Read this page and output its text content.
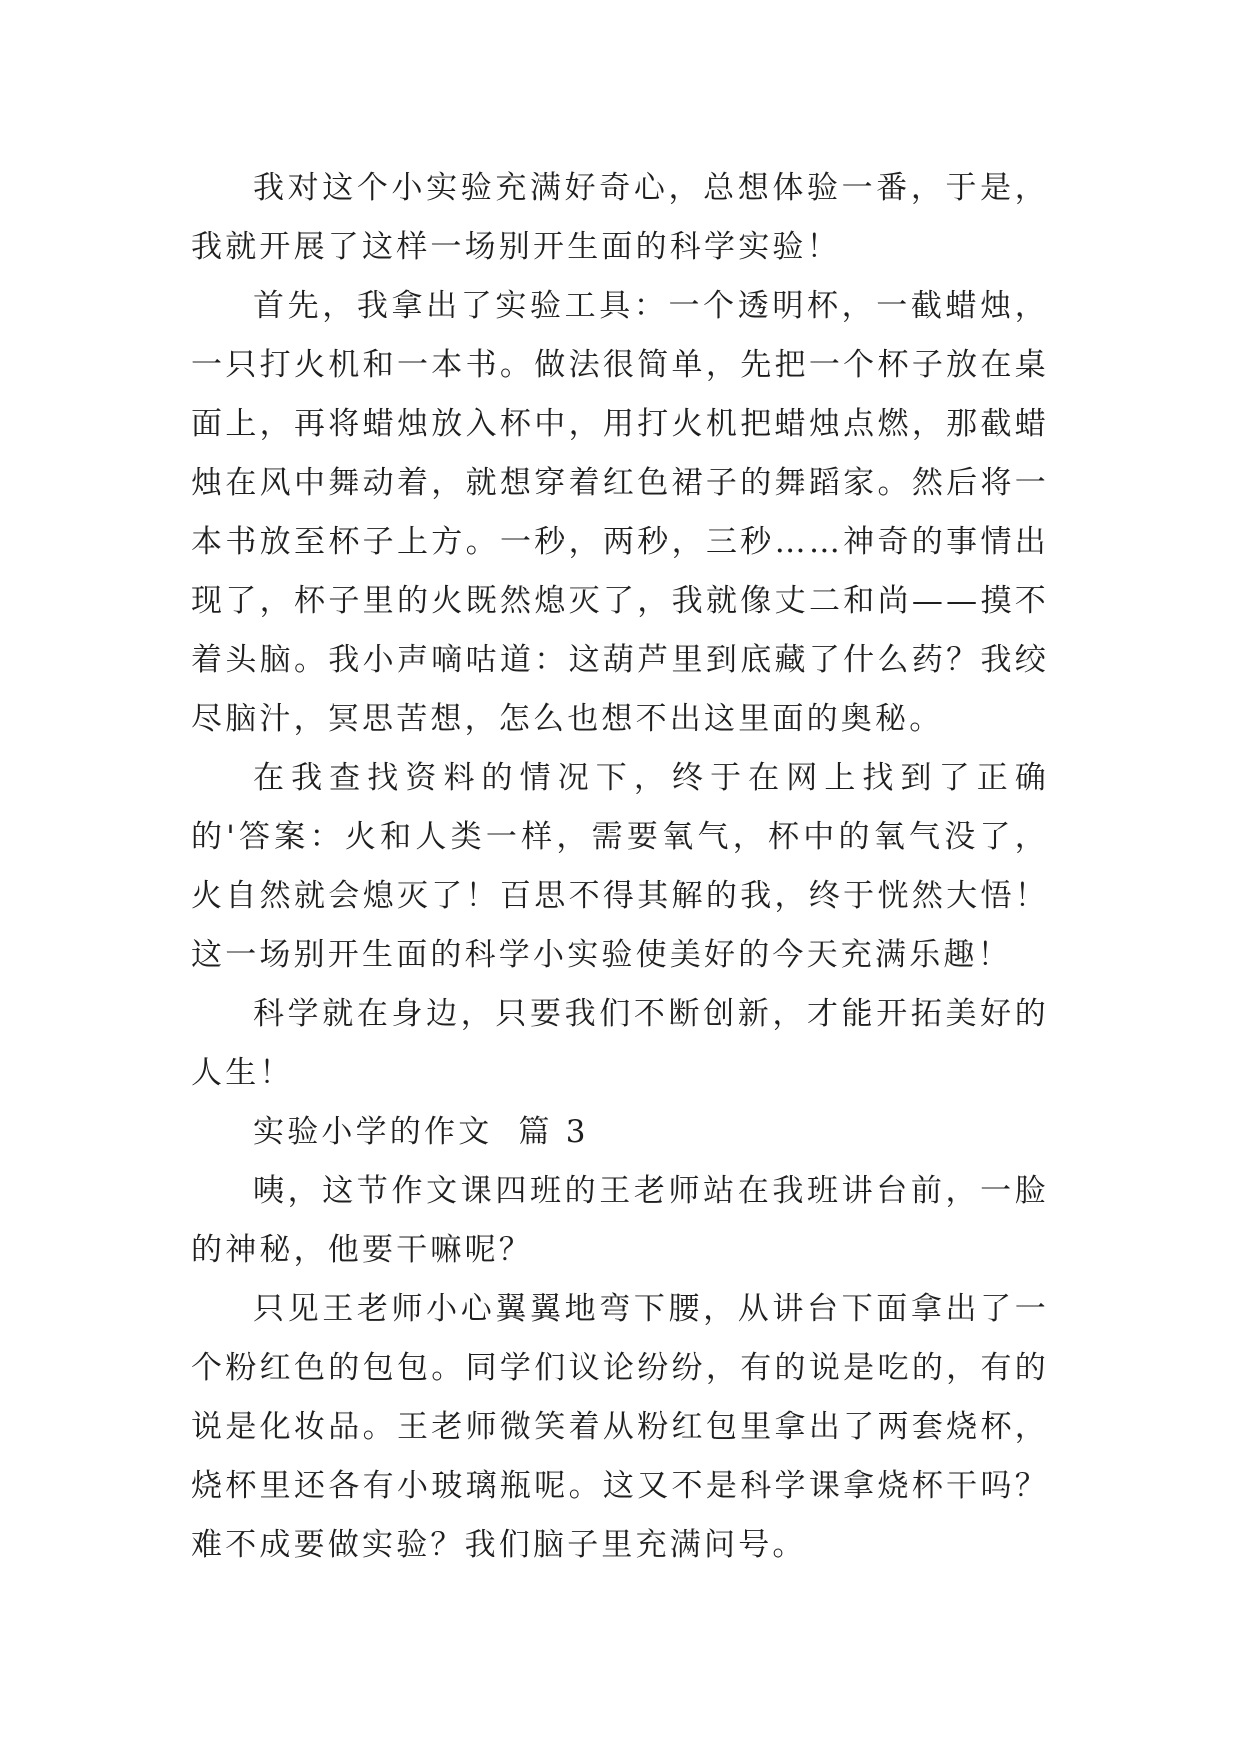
我对这个小实验充满好奇心，总想体验一番，于是，我就开展了这样一场别开生面的科学实验！

首先，我拿出了实验工具：一个透明杯，一截蜡烛，一只打火机和一本书。做法很简单，先把一个杯子放在桌面上，再将蜡烛放入杯中，用打火机把蜡烛点燃，那截蜡烛在风中舞动着，就想穿着红色裙子的舞蹈家。然后将一本书放至杯子上方。一秒，两秒，三秒……神奇的事情出现了，杯子里的火既然熄灭了，我就像丈二和尚——摸不着头脑。我小声嘀咕道：这葫芦里到底藏了什么药？我绞尽脑汁，冥思苦想，怎么也想不出这里面的奥秘。

在我查找资料的情况下，终于在网上找到了正确的'答案：火和人类一样，需要氧气，杯中的氧气没了，火自然就会熄灭了！百思不得其解的我，终于恍然大悟！这一场别开生面的科学小实验使美好的今天充满乐趣！

科学就在身边，只要我们不断创新，才能开拓美好的人生！

实验小学的作文  篇 3

咦，这节作文课四班的王老师站在我班讲台前，一脸的神秘，他要干嘛呢？

只见王老师小心翼翼地弯下腰，从讲台下面拿出了一个粉红色的包包。同学们议论纷纷，有的说是吃的，有的说是化妆品。王老师微笑着从粉红包里拿出了两套烧杯，烧杯里还各有小玻璃瓶呢。这又不是科学课拿烧杯干吗？难不成要做实验？我们脑子里充满问号。
